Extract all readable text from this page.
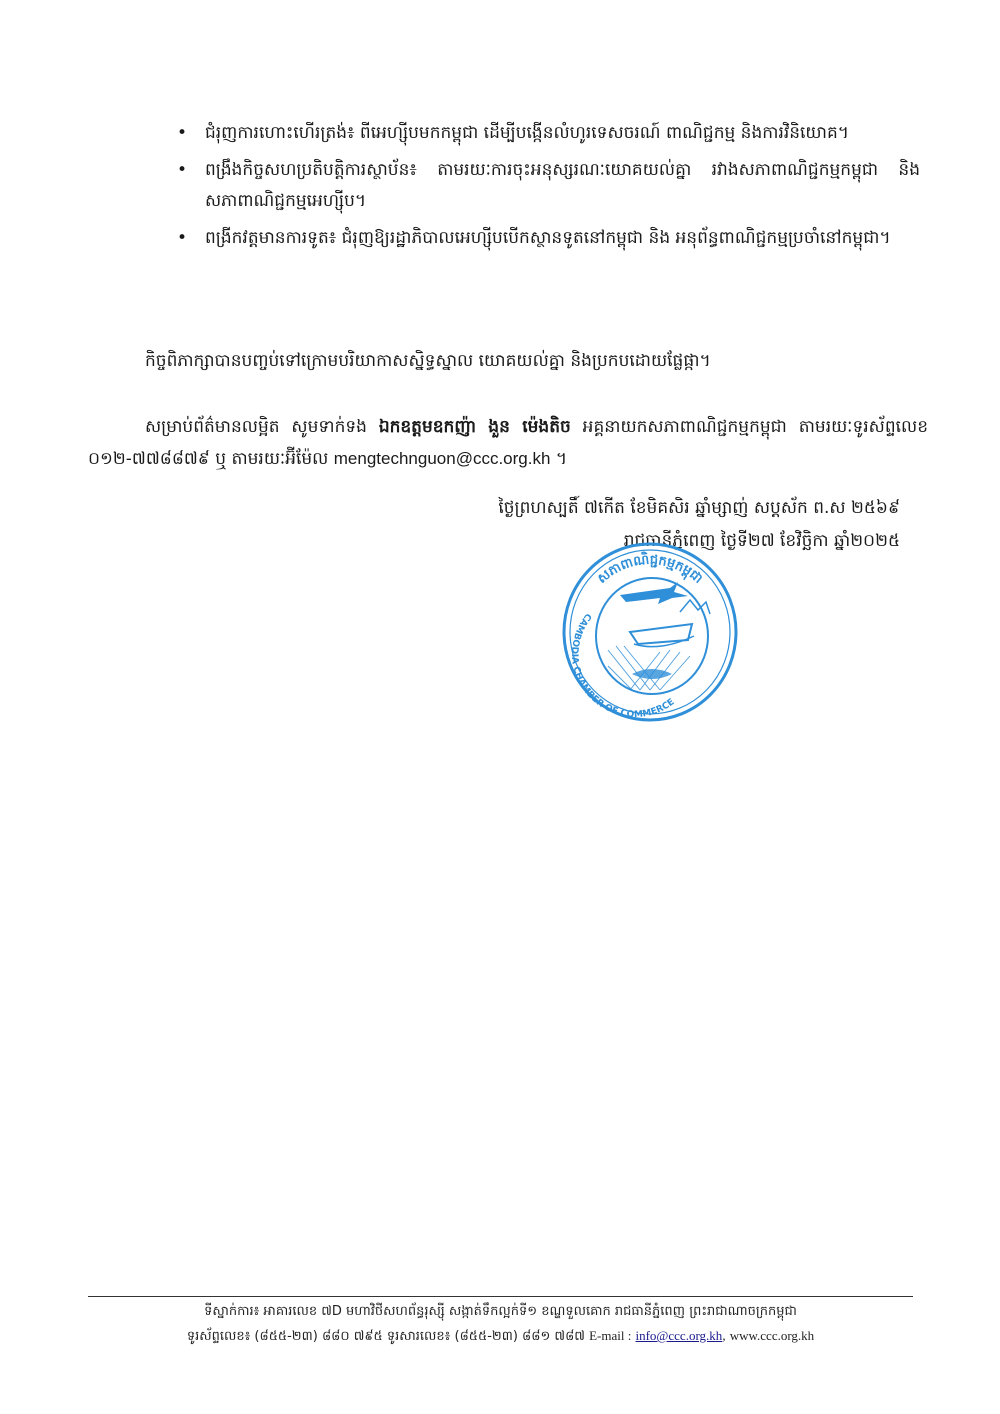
• ជំរុញការហោះហើរត្រង់៖ ពីអេហ្ស៊ីបមកកម្ពុជា ដើម្បីបង្កើនលំហូរទេសចរណ៍ ពាណិជ្ជកម្ម និងការវិនិយោគ។
• ពង្រឹងកិច្ចសហប្រតិបត្តិការស្ថាប័ន៖ តាមរយៈការចុះអនុស្សរណៈយោគយល់គ្នា រវាងសភាពាណិជ្ជកម្មកម្ពុជា និងសភាពាណិជ្ជកម្មអេហ្ស៊ីប។
• ពង្រីកវត្តមានការទូត៖ ជំរុញឱ្យរដ្ឋាភិបាលអេហ្ស៊ីបបើកស្ថានទូតនៅកម្ពុជា និង អនុព័ន្ធពាណិជ្ជកម្មប្រចាំនៅកម្ពុជា។
កិច្ចពិភាក្សាបានបញ្ចប់ទៅក្រោមបរិយាកាសស្និទ្ធស្នាល យោគយល់គ្នា និងប្រកបដោយផ្លែផ្កា។
សម្រាប់ព័ត៌មានលម្អិត សូមទាក់ទង ឯកឧត្តមឧកញ៉ា ងួន ម៉េងតិច អគ្គនាយកសភាពាណិជ្ជកម្មកម្ពុជា តាមរយៈទូរស័ព្ទលេខ ០១២-៧៧៨៨៧៩ ឬ តាមរយៈអ៊ីម៉ែល mengtechnguon@ccc.org.kh ។
ថ្ងៃព្រហស្បតិ៍ ៧កើត ខែមិគសិរ ឆ្នាំម្សាញ់ សប្តស័ក ព.ស ២៥៦៩
រាជធានីភ្នំពេញ ថ្ងៃទី២៧ ខែវិច្ឆិកា ឆ្នាំ២០២៥
សភាពាណិជ្ជកម្មកម្ពុជា
CAMBODIA CHAMBER OF COMMERCE
ទីស្នាក់ការ៖ អាគារលេខ ៧D មហាវិថីសហព័ន្ធរុស្ស៊ី សង្កាត់ទឹកល្អក់ទី១ ខណ្ឌទួលគោក រាជធានីភ្នំពេញ ព្រះរាជាណាចក្រកម្ពុជា
ទូរស័ព្ទលេខ៖ (៨៥៥-២៣) ៨៨០ ៧៩៥ ទូរសារលេខ៖ (៨៥៥-២៣) ៨៨១ ៧៨៧ E-mail : info@ccc.org.kh, www.ccc.org.kh
